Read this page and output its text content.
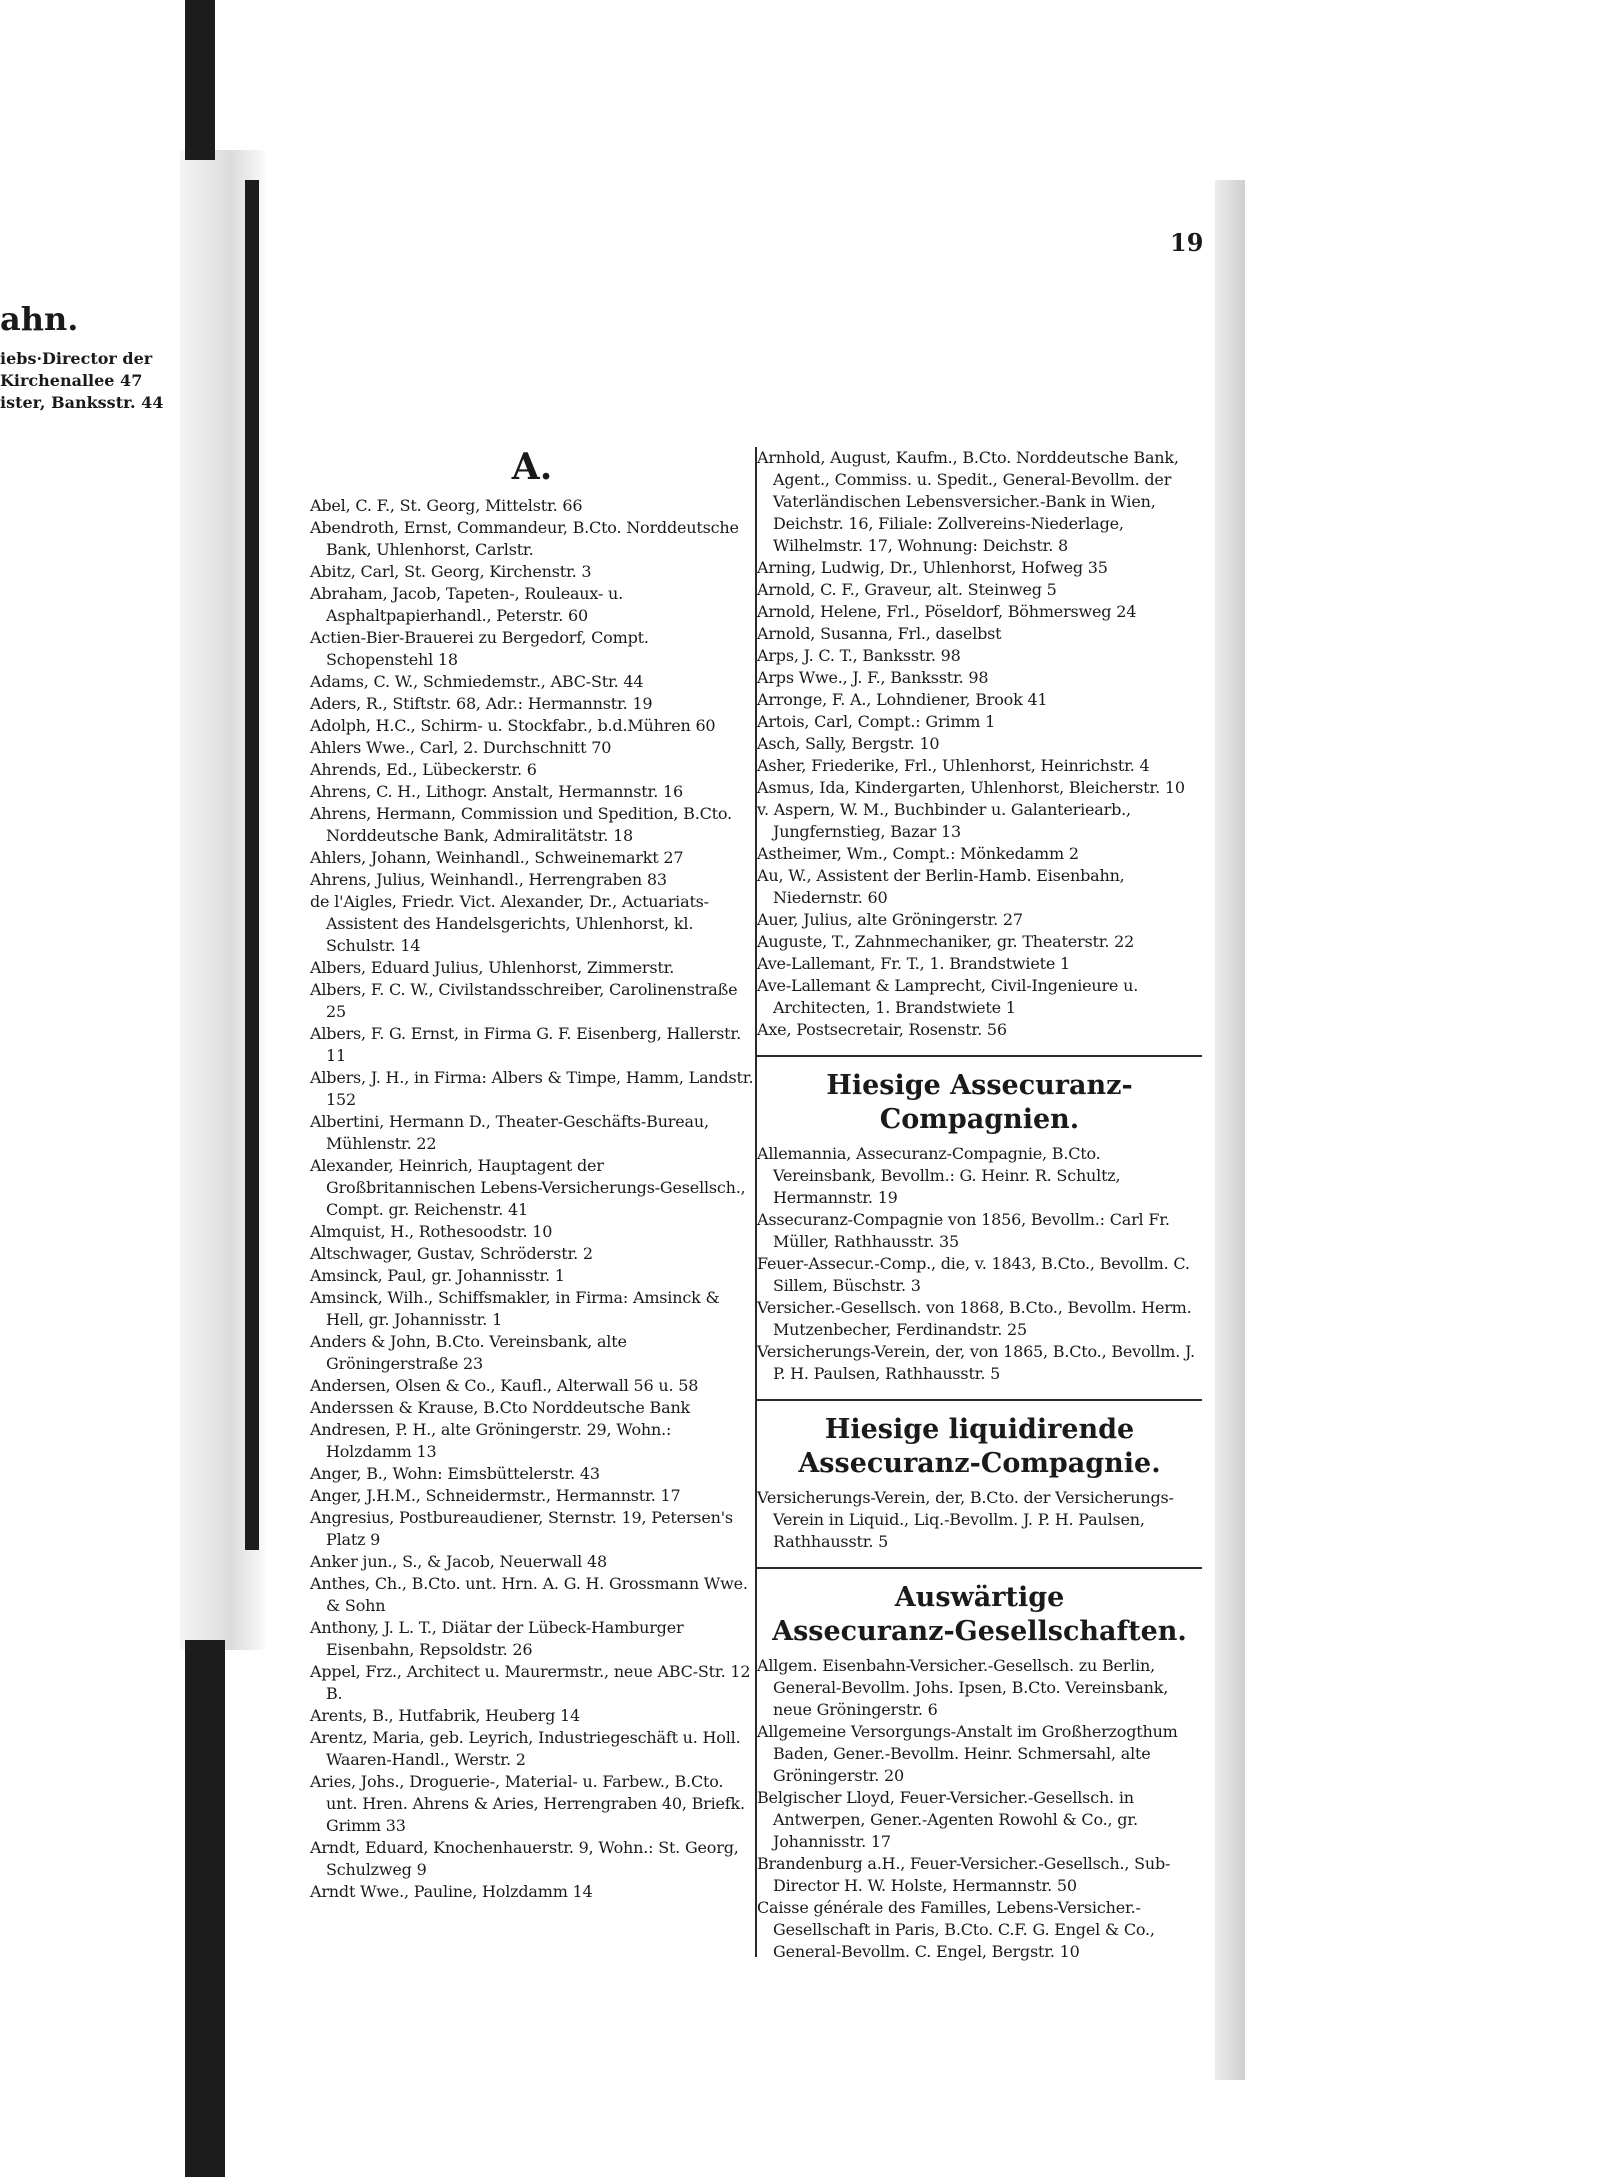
ahn.
iebs·Director der
Kirchenallee 47
ister, Banksstr. 44
19
A.

Abel, C. F., St. Georg, Mittelstr. 66

Abendroth, Ernst, Commandeur, B.Cto. Norddeutsche Bank, Uhlenhorst, Carlstr.

Abitz, Carl, St. Georg, Kirchenstr. 3

Abraham, Jacob, Tapeten-, Rouleaux- u. Asphaltpapierhandl., Peterstr. 60

Actien-Bier-Brauerei zu Bergedorf, Compt. Schopenstehl 18

Adams, C. W., Schmiedemstr., ABC-Str. 44

Aders, R., Stiftstr. 68, Adr.: Hermannstr. 19

Adolph, H.C., Schirm- u. Stockfabr., b.d.Mühren 60

Ahlers Wwe., Carl, 2. Durchschnitt 70

Ahrends, Ed., Lübeckerstr. 6

Ahrens, C. H., Lithogr. Anstalt, Hermannstr. 16

Ahrens, Hermann, Commission und Spedition, B.Cto. Norddeutsche Bank, Admiralitätstr. 18

Ahlers, Johann, Weinhandl., Schweinemarkt 27

Ahrens, Julius, Weinhandl., Herrengraben 83

de l'Aigles, Friedr. Vict. Alexander, Dr., Actuariats-Assistent des Handelsgerichts, Uhlenhorst, kl. Schulstr. 14

Albers, Eduard Julius, Uhlenhorst, Zimmerstr.

Albers, F. C. W., Civilstandsschreiber, Carolinenstraße 25

Albers, F. G. Ernst, in Firma G. F. Eisenberg, Hallerstr. 11

Albers, J. H., in Firma: Albers & Timpe, Hamm, Landstr. 152

Albertini, Hermann D., Theater-Geschäfts-Bureau, Mühlenstr. 22

Alexander, Heinrich, Hauptagent der Großbritannischen Lebens-Versicherungs-Gesellsch., Compt. gr. Reichenstr. 41

Almquist, H., Rothesoodstr. 10

Altschwager, Gustav, Schröderstr. 2

Amsinck, Paul, gr. Johannisstr. 1

Amsinck, Wilh., Schiffsmakler, in Firma: Amsinck & Hell, gr. Johannisstr. 1

Anders & John, B.Cto. Vereinsbank, alte Gröningerstraße 23

Andersen, Olsen & Co., Kaufl., Alterwall 56 u. 58

Anderssen & Krause, B.Cto Norddeutsche Bank

Andresen, P. H., alte Gröningerstr. 29, Wohn.: Holzdamm 13

Anger, B., Wohn: Eimsbüttelerstr. 43

Anger, J.H.M., Schneidermstr., Hermannstr. 17

Angresius, Postbureaudiener, Sternstr. 19, Petersen's Platz 9

Anker jun., S., & Jacob, Neuerwall 48

Anthes, Ch., B.Cto. unt. Hrn. A. G. H. Grossmann Wwe. & Sohn

Anthony, J. L. T., Diätar der Lübeck-Hamburger Eisenbahn, Repsoldstr. 26

Appel, Frz., Architect u. Maurermstr., neue ABC-Str. 12 B.

Arents, B., Hutfabrik, Heuberg 14

Arentz, Maria, geb. Leyrich, Industriegeschäft u. Holl. Waaren-Handl., Werstr. 2

Aries, Johs., Droguerie-, Material- u. Farbew., B.Cto. unt. Hren. Ahrens & Aries, Herrengraben 40, Briefk. Grimm 33

Arndt, Eduard, Knochenhauerstr. 9, Wohn.: St. Georg, Schulzweg 9

Arndt Wwe., Pauline, Holzdamm 14

Arnhold, August, Kaufm., B.Cto. Norddeutsche Bank, Agent., Commiss. u. Spedit., General-Bevollm. der Vaterländischen Lebensversicher.-Bank in Wien, Deichstr. 16, Filiale: Zollvereins-Niederlage, Wilhelmstr. 17, Wohnung: Deichstr. 8

Arning, Ludwig, Dr., Uhlenhorst, Hofweg 35

Arnold, C. F., Graveur, alt. Steinweg 5

Arnold, Helene, Frl., Pöseldorf, Böhmersweg 24

Arnold, Susanna, Frl., daselbst

Arps, J. C. T., Banksstr. 98

Arps Wwe., J. F., Banksstr. 98

Arronge, F. A., Lohndiener, Brook 41

Artois, Carl, Compt.: Grimm 1

Asch, Sally, Bergstr. 10

Asher, Friederike, Frl., Uhlenhorst, Heinrichstr. 4

Asmus, Ida, Kindergarten, Uhlenhorst, Bleicherstr. 10

v. Aspern, W. M., Buchbinder u. Galanteriearb., Jungfernstieg, Bazar 13

Astheimer, Wm., Compt.: Mönkedamm 2

Au, W., Assistent der Berlin-Hamb. Eisenbahn, Niedernstr. 60

Auer, Julius, alte Gröningerstr. 27

Auguste, T., Zahnmechaniker, gr. Theaterstr. 22

Ave-Lallemant, Fr. T., 1. Brandstwiete 1

Ave-Lallemant & Lamprecht, Civil-Ingenieure u. Architecten, 1. Brandstwiete 1

Axe, Postsecretair, Rosenstr. 56

Hiesige Assecuranz-Compagnien.

Allemannia, Assecuranz-Compagnie, B.Cto. Vereinsbank, Bevollm.: G. Heinr. R. Schultz, Hermannstr. 19

Assecuranz-Compagnie von 1856, Bevollm.: Carl Fr. Müller, Rathhausstr. 35

Feuer-Assecur.-Comp., die, v. 1843, B.Cto., Bevollm. C. Sillem, Büschstr. 3

Versicher.-Gesellsch. von 1868, B.Cto., Bevollm. Herm. Mutzenbecher, Ferdinandstr. 25

Versicherungs-Verein, der, von 1865, B.Cto., Bevollm. J. P. H. Paulsen, Rathhausstr. 5

Hiesige liquidirende
Assecuranz-Compagnie.

Versicherungs-Verein, der, B.Cto. der Versicherungs-Verein in Liquid., Liq.-Bevollm. J. P. H. Paulsen, Rathhausstr. 5

Auswärtige
Assecuranz-Gesellschaften.

Allgem. Eisenbahn-Versicher.-Gesellsch. zu Berlin, General-Bevollm. Johs. Ipsen, B.Cto. Vereinsbank, neue Gröningerstr. 6

Allgemeine Versorgungs-Anstalt im Großherzogthum Baden, Gener.-Bevollm. Heinr. Schmersahl, alte Gröningerstr. 20

Belgischer Lloyd, Feuer-Versicher.-Gesellsch. in Antwerpen, Gener.-Agenten Rowohl & Co., gr. Johannisstr. 17

Brandenburg a.H., Feuer-Versicher.-Gesellsch., Sub-Director H. W. Holste, Hermannstr. 50

Caisse générale des Familles, Lebens-Versicher.-Gesellschaft in Paris, B.Cto. C.F. G. Engel & Co., General-Bevollm. C. Engel, Bergstr. 10
